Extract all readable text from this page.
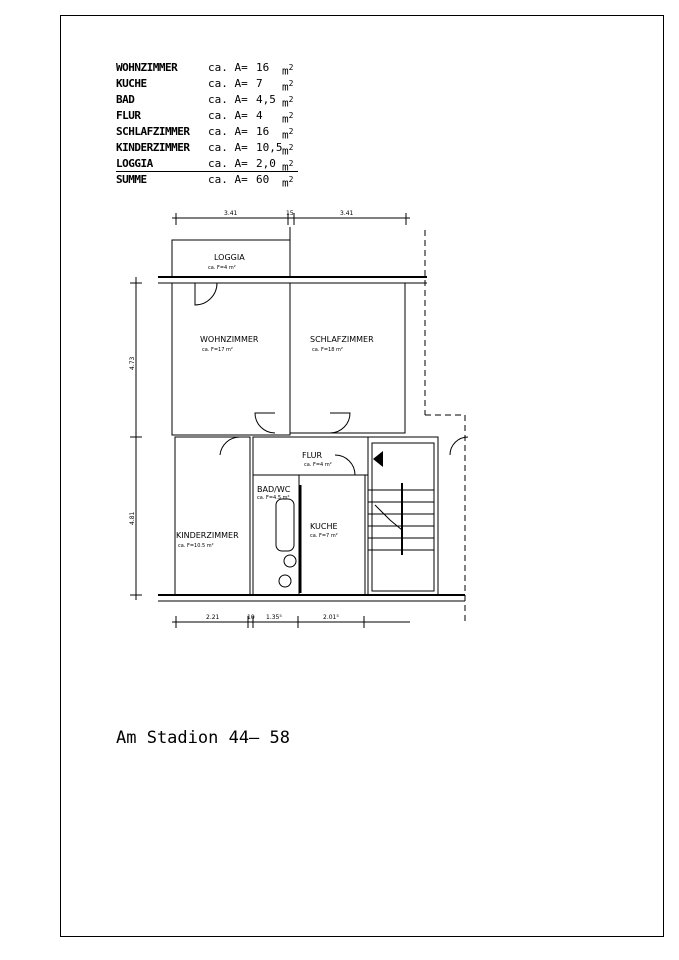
WOHNZIMMER	ca. A= 16 $m^2$
KUCHE	ca. A= 7 $m^2$
BAD	ca. A= 4,5 $m^2$
FLUR	ca. A= 4 $m^2$
SCHLAFZIMMER ca. A= 16 $m^2$
KINDERZIMMER ca. A= 10,5 $m^2$
LOGGIA	ca. A= 2,0 $m^2$
SUMME	ca. A= 60 $m^2$
LOGGIA
ca. F=4 m²
WOHNZIMMER
ca. F=17 m²
SCHLAFZIMMER
ca. F=18 m²
FLUR
ca. F=4 m²
BAD/WC
ca. F=4.5 m²
KUCHE
ca. F=7 m²
KINDERZIMMER
ca. F=10.5 m²
3.41	15	3.41
2.21	10 1.35⁵	2.01⁵
4.73
4.81
Am Stadion 44– 58
